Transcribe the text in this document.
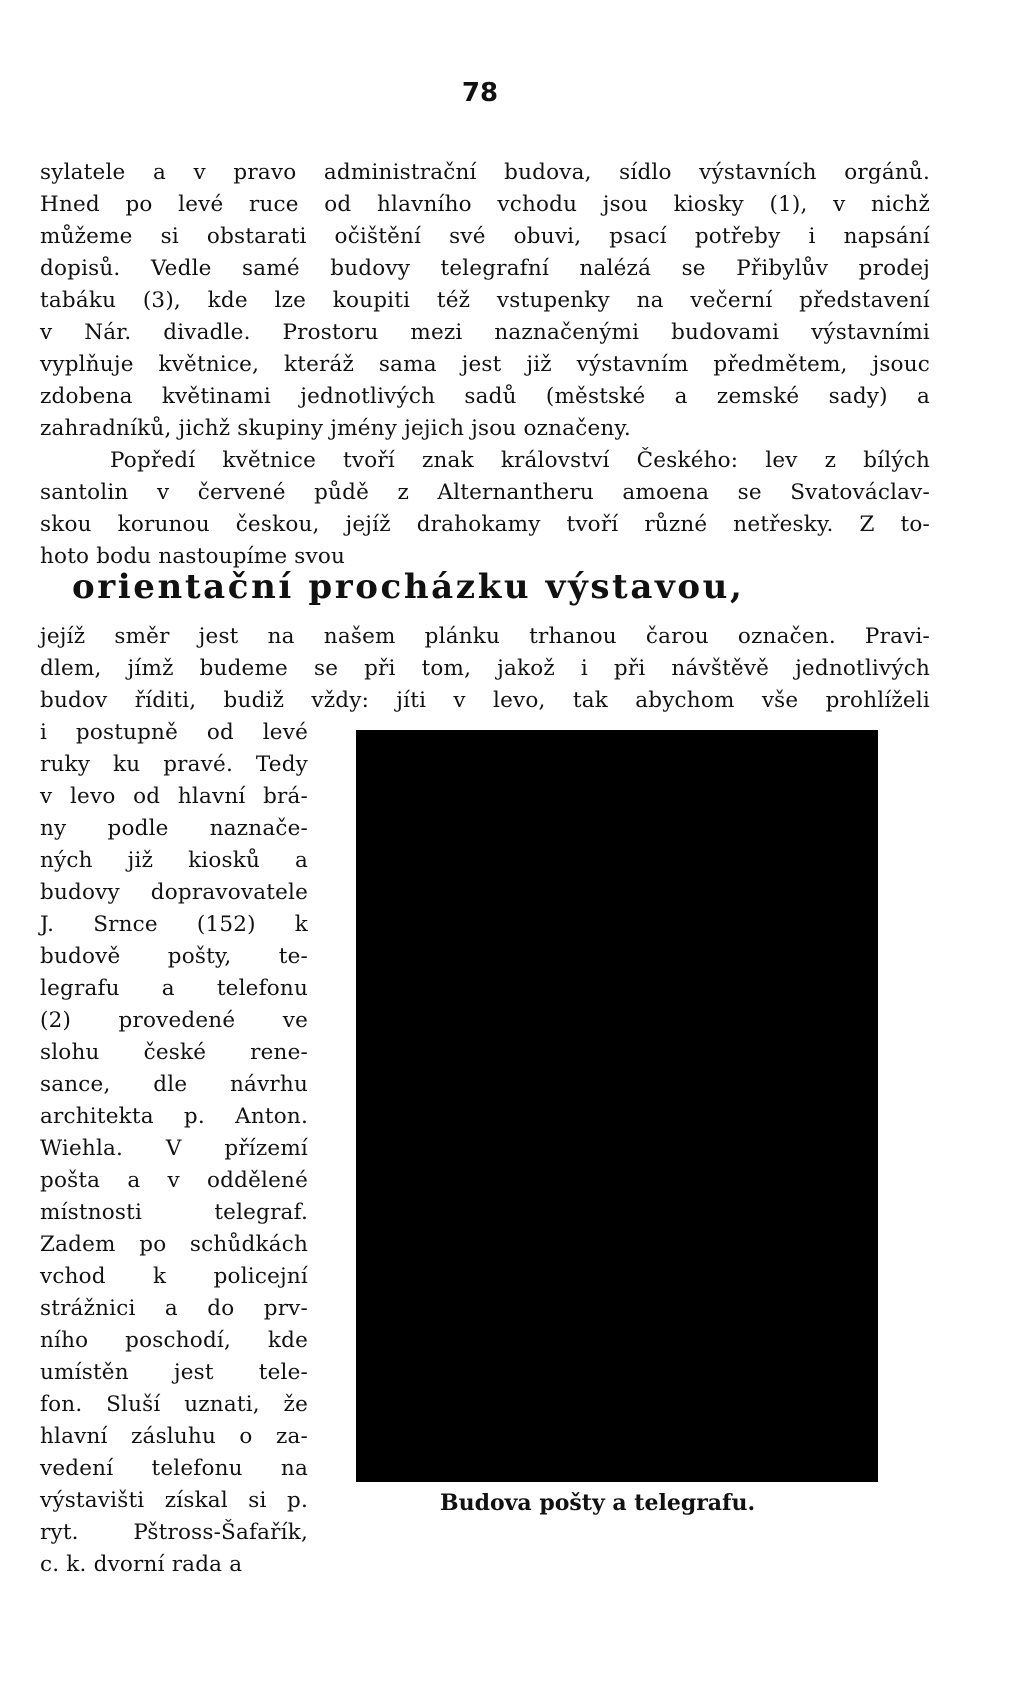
78
sylatele a v pravo administrační budova, sídlo výstavních orgánů.
Hned po levé ruce od hlavního vchodu jsou kiosky (1), v nichž
můžeme si obstarati očištění své obuvi, psací potřeby i napsání
dopisů. Vedle samé budovy telegrafní nalézá se Přibylův prodej
tabáku (3), kde lze koupiti též vstupenky na večerní představení
v Nár. divadle. Prostoru mezi naznačenými budovami výstavními
vyplňuje květnice, kteráž sama jest již výstavním předmětem, jsouc
zdobena květinami jednotlivých sadů (městské a zemské sady) a
zahradníků, jichž skupiny jmény jejich jsou označeny.
Popředí květnice tvoří znak království Českého: lev z bílých
santolin v červené půdě z Alternantheru amoena se Svatováclav-
skou korunou českou, jejíž drahokamy tvoří různé netřesky. Z to-
hoto bodu nastoupíme svou
orientační procházku výstavou,
jejíž směr jest na našem plánku trhanou čarou označen. Pravi-
dlem, jímž budeme se při tom, jakož i při návštěvě jednotlivých
budov říditi, budiž vždy: jíti v levo, tak abychom vše prohlíželi
i postupně od levé
ruky ku pravé. Tedy
v levo od hlavní brá-
ny podle naznače-
ných již kiosků a
budovy dopravovatele
J. Srnce (152) k
budově pošty, te-
legrafu a telefonu
(2) provedené ve
slohu české rene-
sance, dle návrhu
architekta p. Anton.
Wiehla. V přízemí
pošta a v oddělené
místnosti telegraf.
Zadem po schůdkách
vchod k policejní
strážnici a do prv-
ního poschodí, kde
umístěn jest tele-
fon. Sluší uznati, že
hlavní zásluhu o za-
vedení telefonu na
výstavišti získal si p.
ryt. Pštross-Šafařík,
c. k. dvorní rada a
Budova pošty a telegrafu.
